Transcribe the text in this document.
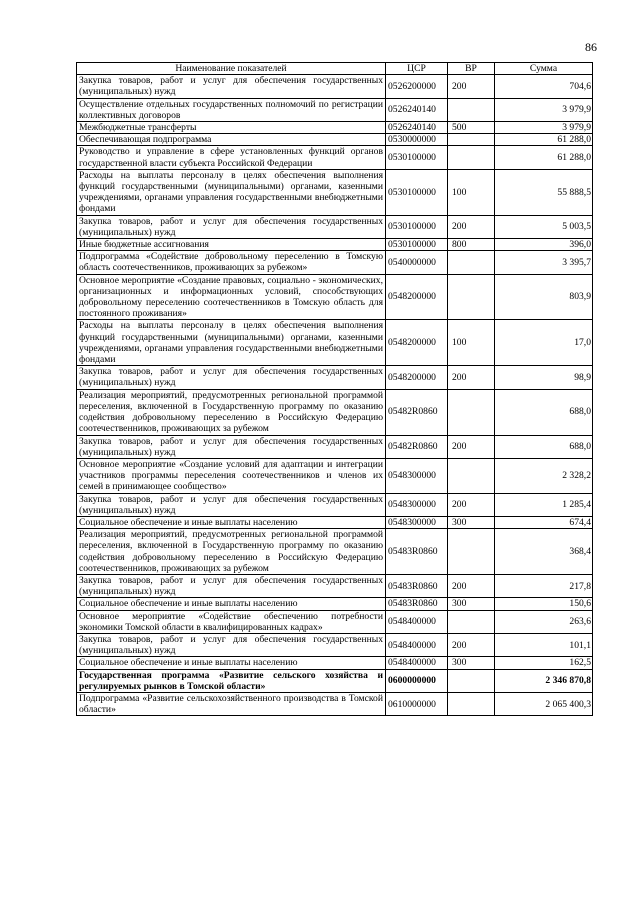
86
Наименование показателей	ЦСР	ВР	Сумма
Закупка товаров, работ и услуг для обеспечения государственных (муниципальных) нужд	0526200000	200	704,6
Осуществление отдельных государственных полномочий по регистрации коллективных договоров	0526240140		3 979,9
Межбюджетные трансферты	0526240140	500	3 979,9
Обеспечивающая подпрограмма	0530000000		61 288,0
Руководство и управление в сфере установленных функций органов государственной власти субъекта Российской Федерации	0530100000		61 288,0
Расходы на выплаты персоналу в целях обеспечения выполнения функций государственными (муниципальными) органами, казенными учреждениями, органами управления государственными внебюджетными фондами	0530100000	100	55 888,5
Закупка товаров, работ и услуг для обеспечения государственных (муниципальных) нужд	0530100000	200	5 003,5
Иные бюджетные ассигнования	0530100000	800	396,0
Подпрограмма «Содействие добровольному переселению в Томскую область соотечественников, проживающих за рубежом»	0540000000		3 395,7
Основное мероприятие «Создание правовых, социально - экономических, организационных и информационных условий, способствующих добровольному переселению соотечественников в Томскую область для постоянного проживания»	0548200000		803,9
Расходы на выплаты персоналу в целях обеспечения выполнения функций государственными (муниципальными) органами, казенными учреждениями, органами управления государственными внебюджетными фондами	0548200000	100	17,0
Закупка товаров, работ и услуг для обеспечения государственных (муниципальных) нужд	0548200000	200	98,9
Реализация мероприятий, предусмотренных региональной программой переселения, включенной в Государственную программу по оказанию содействия добровольному переселению в Российскую Федерацию соотечественников, проживающих за рубежом	05482R0860		688,0
Закупка товаров, работ и услуг для обеспечения государственных (муниципальных) нужд	05482R0860	200	688,0
Основное мероприятие «Создание условий для адаптации и интеграции участников программы переселения соотечественников и членов их семей в принимающее сообщество»	0548300000		2 328,2
Закупка товаров, работ и услуг для обеспечения государственных (муниципальных) нужд	0548300000	200	1 285,4
Социальное обеспечение и иные выплаты населению	0548300000	300	674,4
Реализация мероприятий, предусмотренных региональной программой переселения, включенной в Государственную программу по оказанию содействия добровольному переселению в Российскую Федерацию соотечественников, проживающих за рубежом	05483R0860		368,4
Закупка товаров, работ и услуг для обеспечения государственных (муниципальных) нужд	05483R0860	200	217,8
Социальное обеспечение и иные выплаты населению	05483R0860	300	150,6
Основное мероприятие «Содействие обеспечению потребности экономики Томской области в квалифицированных кадрах»	0548400000		263,6
Закупка товаров, работ и услуг для обеспечения государственных (муниципальных) нужд	0548400000	200	101,1
Социальное обеспечение и иные выплаты населению	0548400000	300	162,5
Государственная программа «Развитие сельского хозяйства и регулируемых рынков в Томской области»	0600000000		2 346 870,8
Подпрограмма «Развитие сельскохозяйственного производства в Томской области»	0610000000		2 065 400,3
